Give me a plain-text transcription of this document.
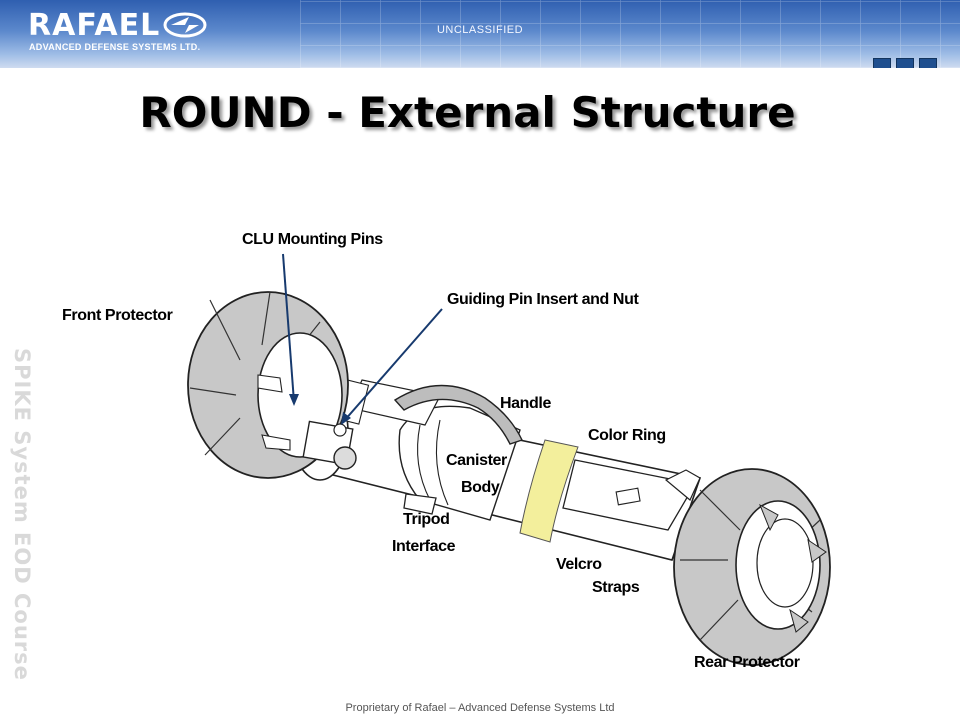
RAFAEL
ADVANCED DEFENSE SYSTEMS LTD.
UNCLASSIFIED
ROUND - External Structure
SPIKE System EOD Course
CLU Mounting Pins
Front Protector
Guiding Pin Insert and Nut
Handle
Color Ring
Canister
Body
Tripod
Interface
Velcro
Straps
Rear Protector
Proprietary of Rafael – Advanced Defense Systems Ltd
